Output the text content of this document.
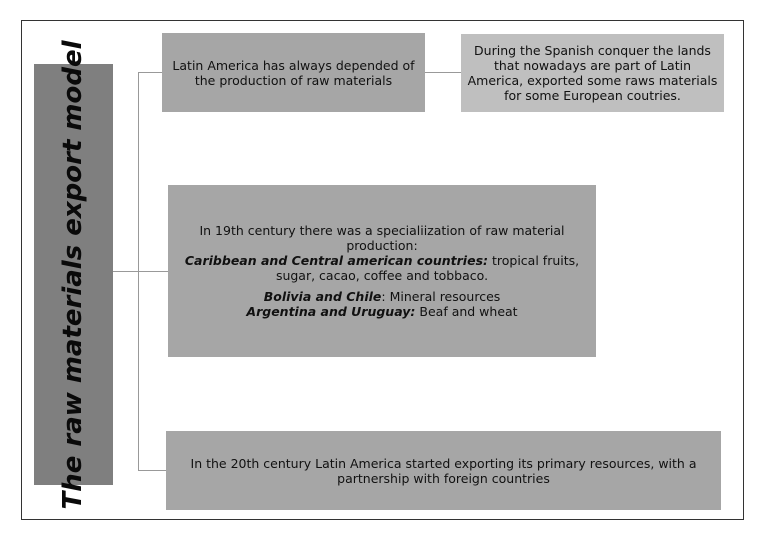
The raw materials export model	Latin America has always depended of the production of raw materials
During the Spanish conquer the lands that nowadays are part of Latin America, exported some raws materials for some European coutries.

In 19th century there was a specialiization of raw material production:

Caribbean and Central american countries: tropical fruits, sugar, cacao, coffee and tobbaco.

Bolivia and Chile: Mineral resources

Argentina and Uruguay: Beaf and wheat

In the 20th century Latin America started exporting its primary resources, with a partnership with foreign countries
